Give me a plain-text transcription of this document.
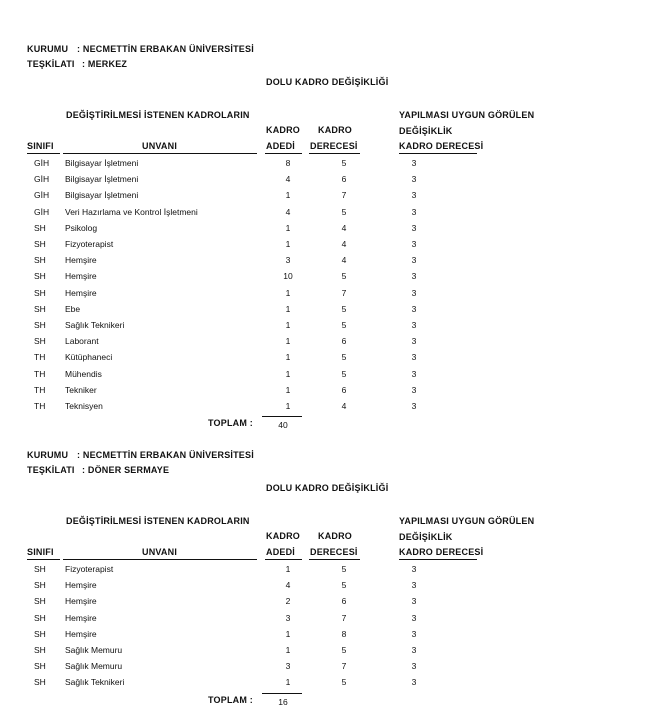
KURUMU : NECMETTİN ERBAKAN ÜNİVERSİTESİ
TEŞKİLATI : MERKEZ
DOLU KADRO DEĞİŞİKLİĞİ
DEĞİŞTİRİLMESİ İSTENEN KADROLARIN	YAPILMASI UYGUN GÖRÜLEN
DEĞİŞİKLİK
KADRO DERECESİ
KADRO KADRO
SINIFI	UNVANI	ADEDİ DERECESİ
GİH Bilgisayar İşletmeni	8	5	3
GİH Bilgisayar İşletmeni	4	6	3
GİH Bilgisayar İşletmeni	1	7	3
GİH Veri Hazırlama ve Kontrol İşletmeni	4	5	3
SH Psikolog	1	4	3
SH Fizyoterapist	1	4	3
SH Hemşire	3	4	3
SH Hemşire	10	5	3
SH Hemşire	1	7	3
SH Ebe	1	5	3
SH Sağlık Teknikeri	1	5	3
SH Laborant	1	6	3
TH Kütüphaneci	1	5	3
TH Mühendis	1	5	3
TH Tekniker	1	6	3
TH Teknisyen	1	4	3
TOPLAM :	40
KURUMU : NECMETTİN ERBAKAN ÜNİVERSİTESİ
TEŞKİLATI : DÖNER SERMAYE
DOLU KADRO DEĞİŞİKLİĞİ
DEĞİŞTİRİLMESİ İSTENEN KADROLARIN	YAPILMASI UYGUN GÖRÜLEN
DEĞİŞİKLİK
KADRO DERECESİ
KADRO KADRO
SINIFI	UNVANI	ADEDİ DERECESİ
SH Fizyoterapist	1	5	3
SH Hemşire	4	5	3
SH Hemşire	2	6	3
SH Hemşire	3	7	3
SH Hemşire	1	8	3
SH Sağlık Memuru	1	5	3
SH Sağlık Memuru	3	7	3
SH Sağlık Teknikeri	1	5	3
TOPLAM :	16
